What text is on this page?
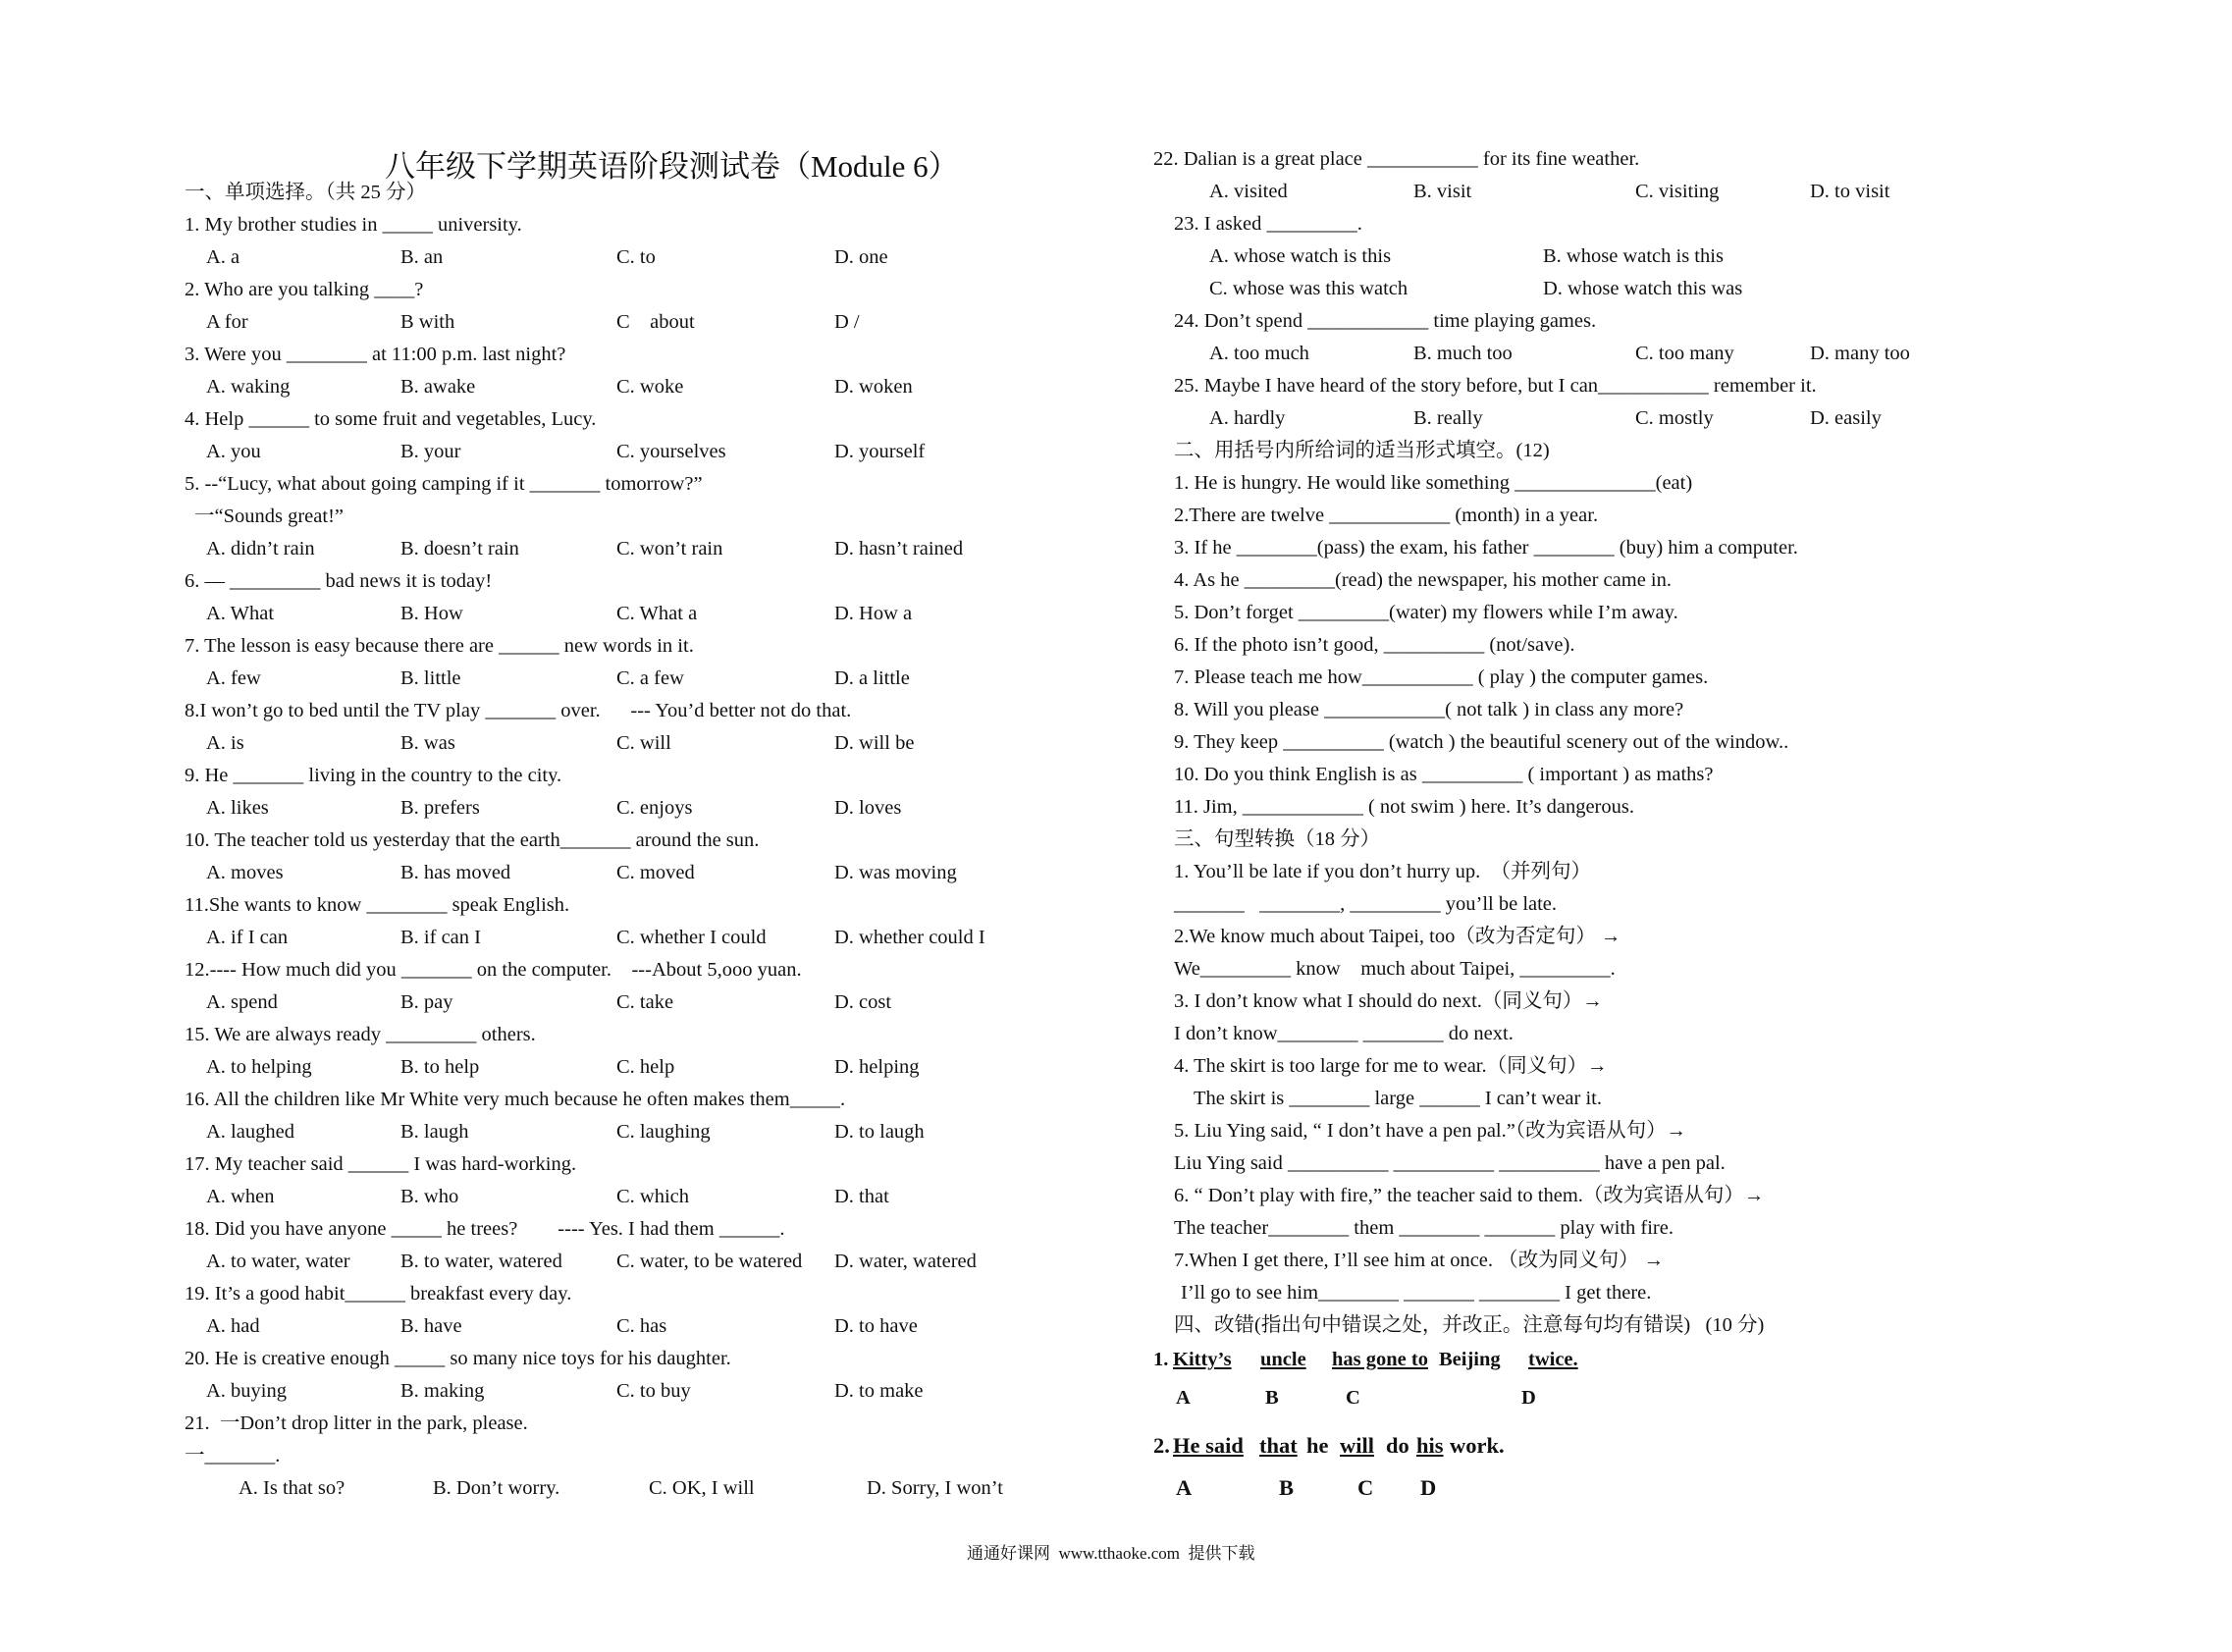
八年级下学期英语阶段测试卷（Module 6）
一、单项选择。（共 25 分）
1. My brother studies in _____ university.
A. a	B. an	C. to	D. one
2. Who are you talking ____?
A for	B with	C    about	D /
3. Were you ________ at 11:00 p.m. last night?
A. waking	B. awake	C. woke	D. woken
4. Help ______ to some fruit and vegetables, Lucy.
A. you	B. your	C. yourselves	D. yourself
5. --“Lucy, what about going camping if it _______ tomorrow?”
一“Sounds great!”
A. didn’t rain	B. doesn’t rain	C. won’t rain	D. hasn’t rained
6. — _________ bad news it is today!
A. What	B. How	C. What a	D. How a
7. The lesson is easy because there are ______ new words in it.
A. few	B. little	C. a few	D. a little
8.I won’t go to bed until the TV play _______ over.      --- You’d better not do that.
A. is	B. was	C. will	D. will be
9. He _______ living in the country to the city.
A. likes	B. prefers	C. enjoys	D. loves
10. The teacher told us yesterday that the earth_______ around the sun.
A. moves	B. has moved	C. moved	D. was moving
11.She wants to know ________ speak English.
A. if I can	B. if can I	C. whether I could	D. whether could I
12.---- How much did you _______ on the computer.    ---About 5,ooo yuan.
A. spend	B. pay	C. take	D. cost
15. We are always ready _________ others.
A. to helping	B. to help	C. help	D. helping
16. All the children like Mr White very much because he often makes them_____.
A. laughed	B. laugh	C. laughing	D. to laugh
17. My teacher said ______ I was hard-working.
A. when	B. who	C. which	D. that
18. Did you have anyone _____ he trees?        ---- Yes. I had them ______.
A. to water, water	B. to water, watered	C. water, to be watered D. water, watered
19. It’s a good habit______ breakfast every day.
A. had	B. have	C. has	D. to have
20. He is creative enough _____ so many nice toys for his daughter.
A. buying	B. making	C. to buy	D. to make
21.  一Don’t drop litter in the park, please.
一_______.
A. Is that so?	B. Don’t worry.	C. OK, I will	D. Sorry, I won’t
22. Dalian is a great place ___________ for its fine weather.
A. visited	B. visit	C. visiting	D. to visit
23. I asked _________.
A. whose watch is this	B. whose watch is this
C. whose was this watch	D. whose watch this was
24. Don’t spend ____________ time playing games.
A. too much	B. much too	C. too many	D. many too
25. Maybe I have heard of the story before, but I can___________ remember it.
A. hardly	B. really	C. mostly	D. easily
二、用括号内所给词的适当形式填空。(12)
1. He is hungry. He would like something ______________(eat)
2.There are twelve ____________ (month) in a year.
3. If he ________(pass) the exam, his father ________ (buy) him a computer.
4. As he _________(read) the newspaper, his mother came in.
5. Don’t forget _________(water) my flowers while I’m away.
6. If the photo isn’t good, __________ (not/save).
7. Please teach me how___________ ( play ) the computer games.
8. Will you please ____________( not talk ) in class any more?
9. They keep __________ (watch ) the beautiful scenery out of the window..
10. Do you think English is as __________ ( important ) as maths?
11. Jim, ____________ ( not swim ) here. It’s dangerous.
三、句型转换（18 分）
1. You’ll be late if you don’t hurry up.  （并列句）
_______   ________, _________ you’ll be late.
2.We know much about Taipei, too（改为否定句） →
We_________ know    much about Taipei, _________.
3. I don’t know what I should do next.（同义句）→
I don’t know________ ________ do next.
4. The skirt is too large for me to wear.（同义句）→
The skirt is ________ large ______ I can’t wear it.
5. Liu Ying said, “ I don’t have a pen pal.”（改为宾语从句）→
Liu Ying said __________ __________ __________ have a pen pal.
6. “ Don’t play with fire,” the teacher said to them.（改为宾语从句）→
The teacher________ them ________ _______ play with fire.
7.When I get there, I’ll see him at once. （改为同义句） →
I’ll go to see him________ _______ ________ I get there.
四、改错(指出句中错误之处，并改正。注意每句均有错误)   (10 分)
1. Kitty’s uncle has gone to Beijing twice.
A	B	C	D
2. He said that he will do his work.
A	B	C D
通通好课网  www.tthaoke.com  提供下载
